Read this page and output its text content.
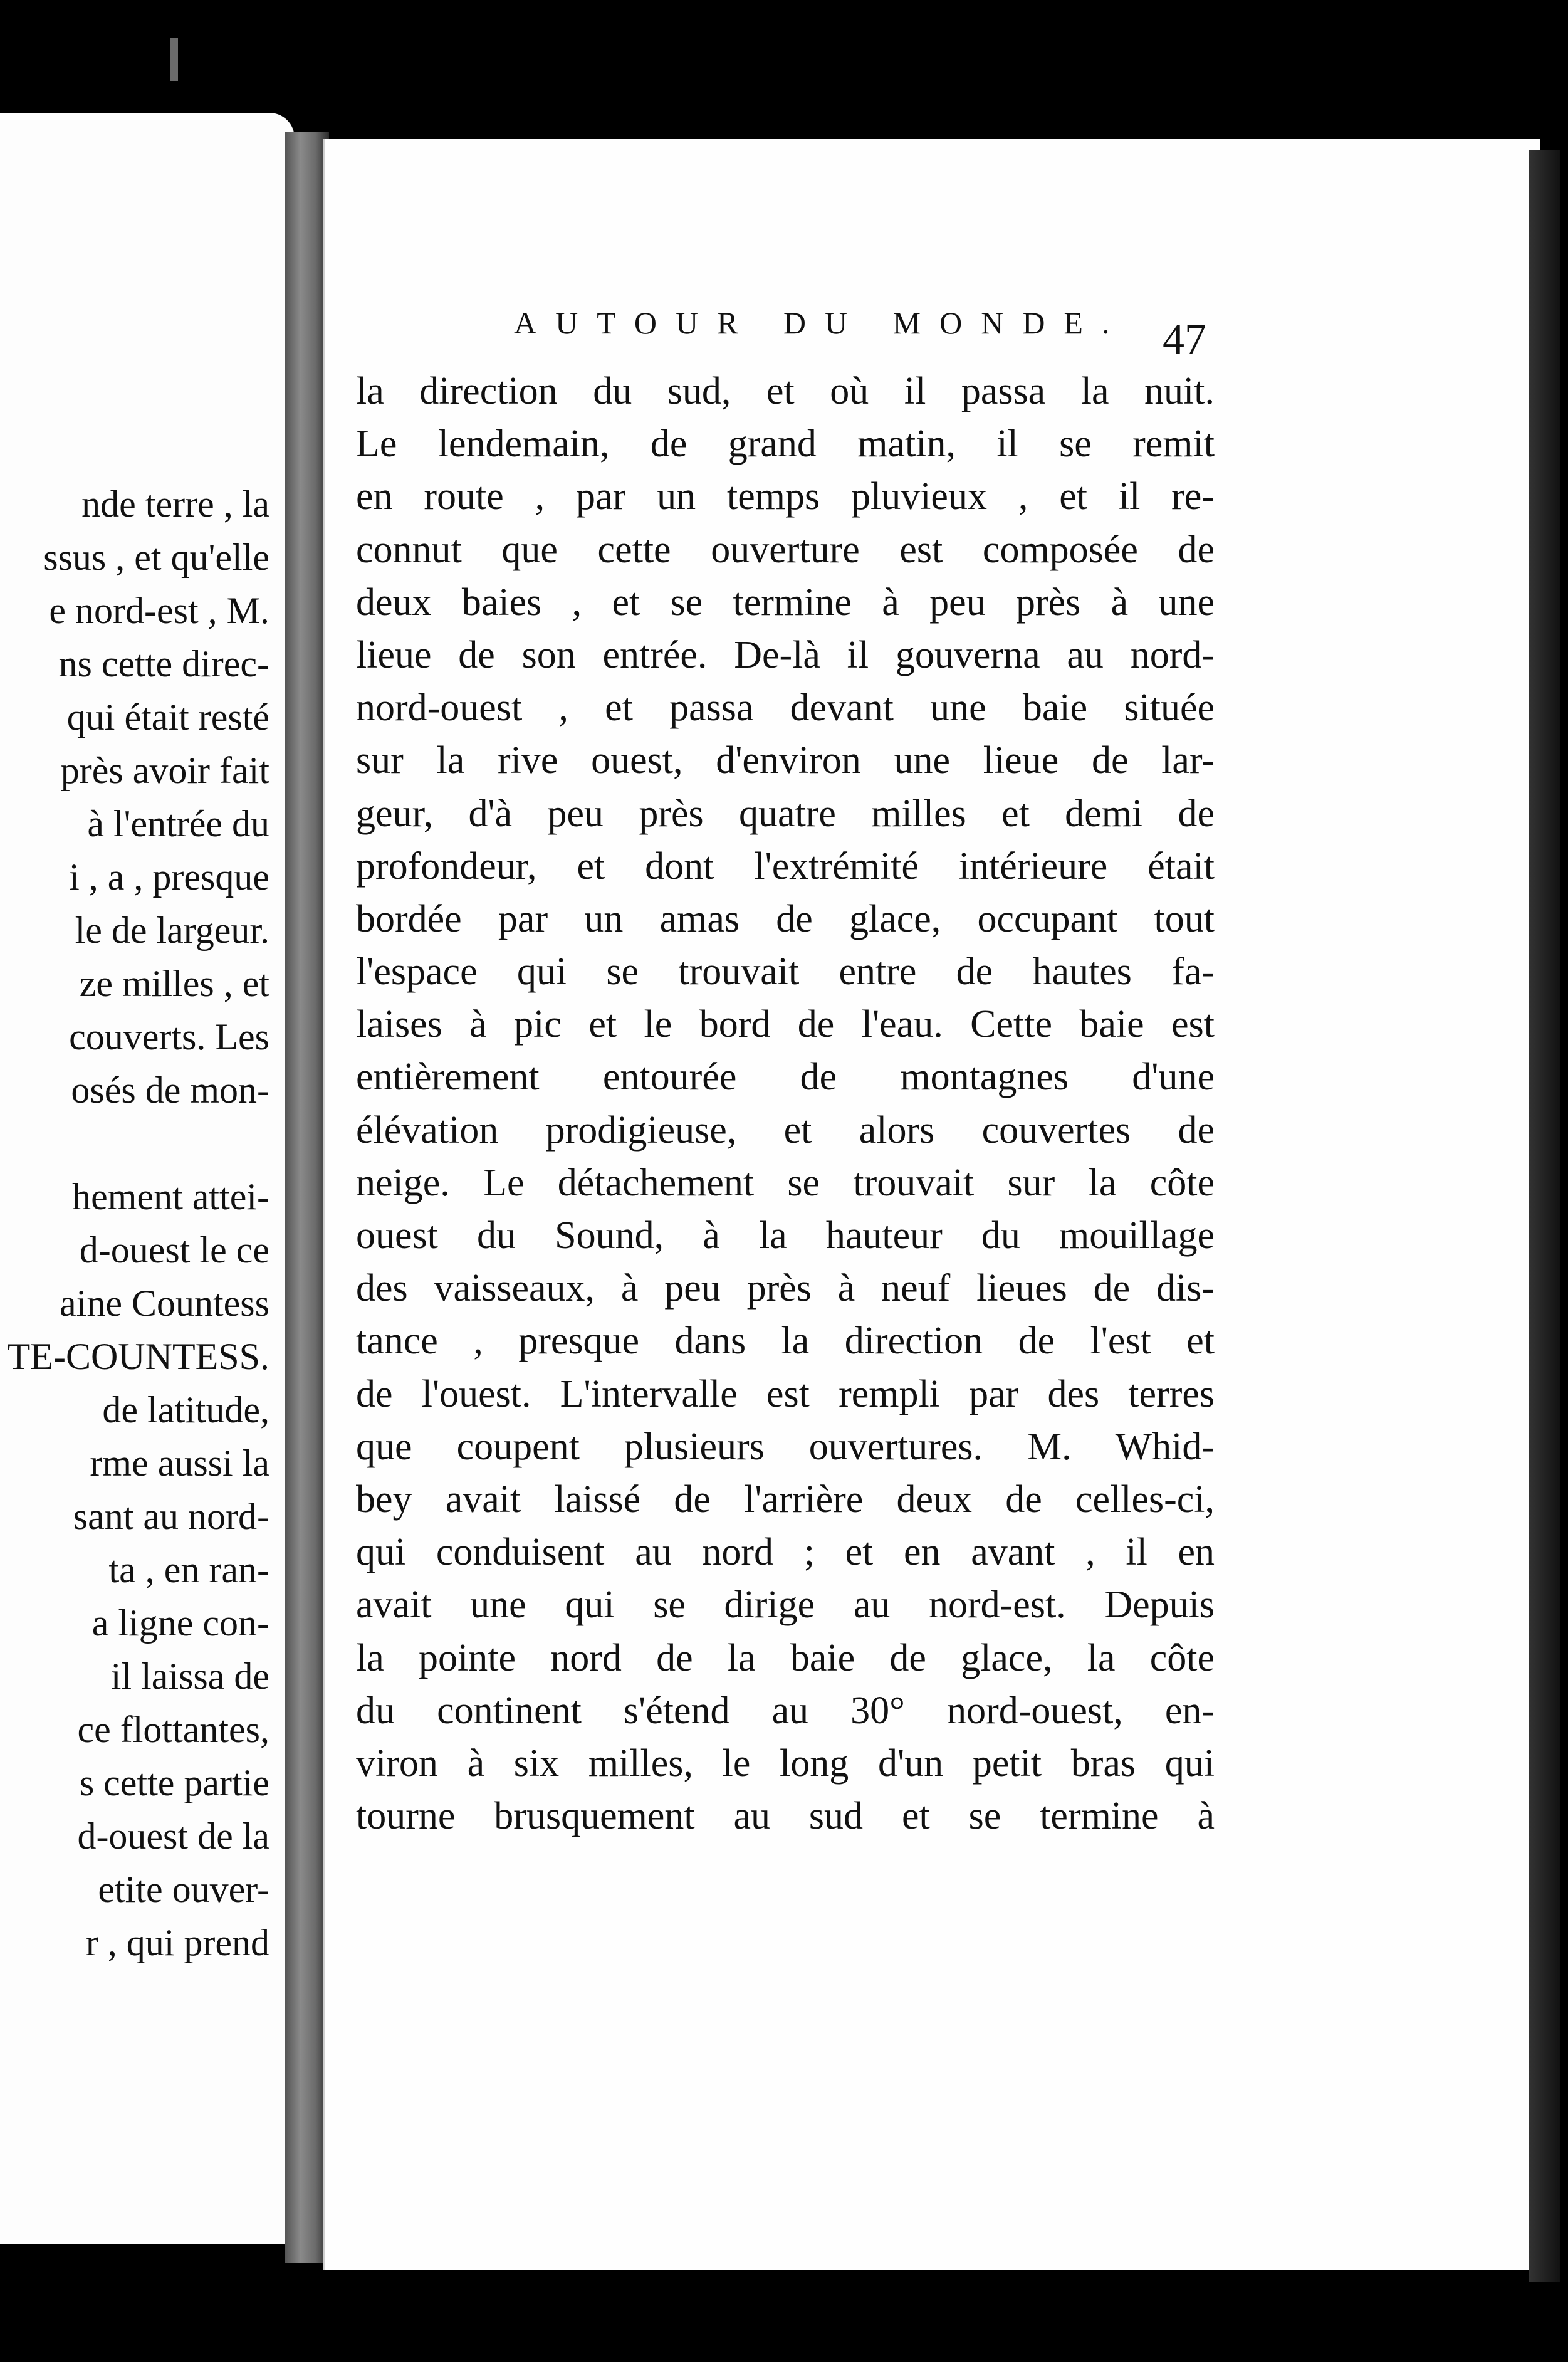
nde terre , la
ssus , et qu'elle
e nord-est , M.
ns cette direc-
qui était resté
près avoir fait
à l'entrée du
i , a , presque
le de largeur.
ze milles , et
couverts. Les
osés de mon-
hement attei-
d-ouest le ce
aine Countess
TE-COUNTESS.
de latitude,
rme aussi la
sant au nord-
ta , en ran-
a ligne con-
il laissa de
ce flottantes,
s cette partie
d-ouest de la
etite ouver-
r , qui prend
AUTOUR DU MONDE. 47
la direction du sud, et où il passa la nuit.
Le lendemain, de grand matin, il se remit
en route , par un temps pluvieux , et il re-
connut que cette ouverture est composée de
deux baies , et se termine à peu près à une
lieue de son entrée. De-là il gouverna au nord-
nord-ouest , et passa devant une baie située
sur la rive ouest, d'environ une lieue de lar-
geur, d'à peu près quatre milles et demi de
profondeur, et dont l'extrémité intérieure était
bordée par un amas de glace, occupant tout
l'espace qui se trouvait entre de hautes fa-
laises à pic et le bord de l'eau. Cette baie est
entièrement entourée de montagnes d'une
élévation prodigieuse, et alors couvertes de
neige. Le détachement se trouvait sur la côte
ouest du Sound, à la hauteur du mouillage
des vaisseaux, à peu près à neuf lieues de dis-
tance , presque dans la direction de l'est et
de l'ouest. L'intervalle est rempli par des terres
que coupent plusieurs ouvertures. M. Whid-
bey avait laissé de l'arrière deux de celles-ci,
qui conduisent au nord ; et en avant , il en
avait une qui se dirige au nord-est. Depuis
la pointe nord de la baie de glace, la côte
du continent s'étend au 30° nord-ouest, en-
viron à six milles, le long d'un petit bras qui
tourne brusquement au sud et se termine à
